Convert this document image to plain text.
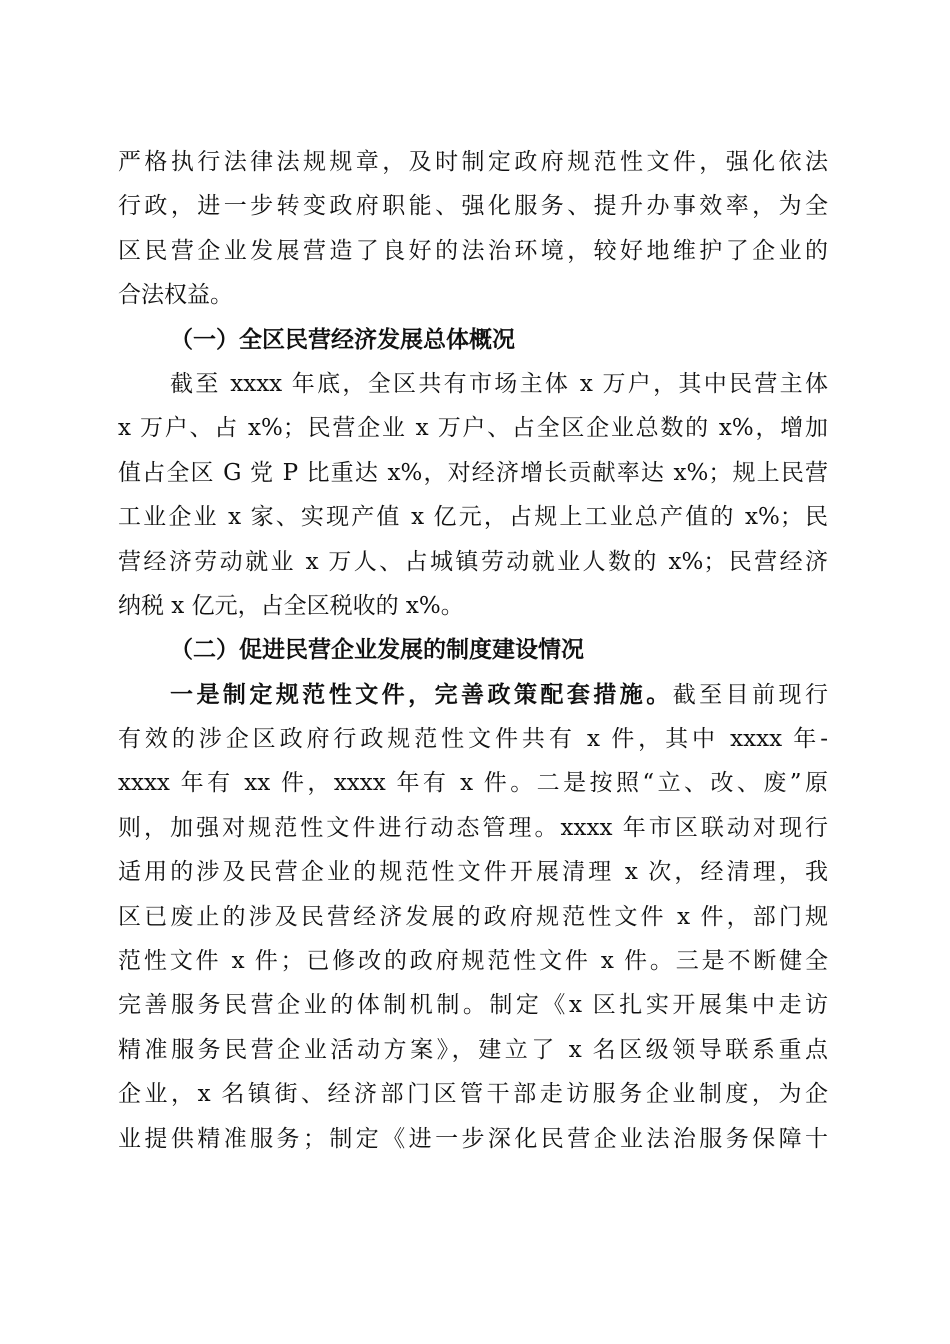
严格执行法律法规规章，及时制定政府规范性文件，强化依法
行政，进一步转变政府职能、强化服务、提升办事效率，为全
区民营企业发展营造了良好的法治环境，较好地维护了企业的
合法权益。
（一）全区民营经济发展总体概况
截至 xxxx 年底，全区共有市场主体 x 万户，其中民营主体
x 万户、占 x%；民营企业 x 万户、占全区企业总数的 x%，增加
值占全区 G 党 P 比重达 x%，对经济增长贡献率达 x%；规上民营
工业企业 x 家、实现产值 x 亿元，占规上工业总产值的 x%；民
营经济劳动就业 x 万人、占城镇劳动就业人数的 x%；民营经济
纳税 x 亿元，占全区税收的 x%。
（二）促进民营企业发展的制度建设情况
一是制定规范性文件，完善政策配套措施。截至目前现行
有效的涉企区政府行政规范性文件共有 x 件，其中 xxxx 年-
xxxx 年有 xx 件，xxxx 年有 x 件。二是按照“立、改、废”原
则，加强对规范性文件进行动态管理。xxxx 年市区联动对现行
适用的涉及民营企业的规范性文件开展清理 x 次，经清理，我
区已废止的涉及民营经济发展的政府规范性文件 x 件，部门规
范性文件 x 件；已修改的政府规范性文件 x 件。三是不断健全
完善服务民营企业的体制机制。制定《x 区扎实开展集中走访
精准服务民营企业活动方案》，建立了 x 名区级领导联系重点
企业，x 名镇街、经济部门区管干部走访服务企业制度，为企
业提供精准服务；制定《进一步深化民营企业法治服务保障十
